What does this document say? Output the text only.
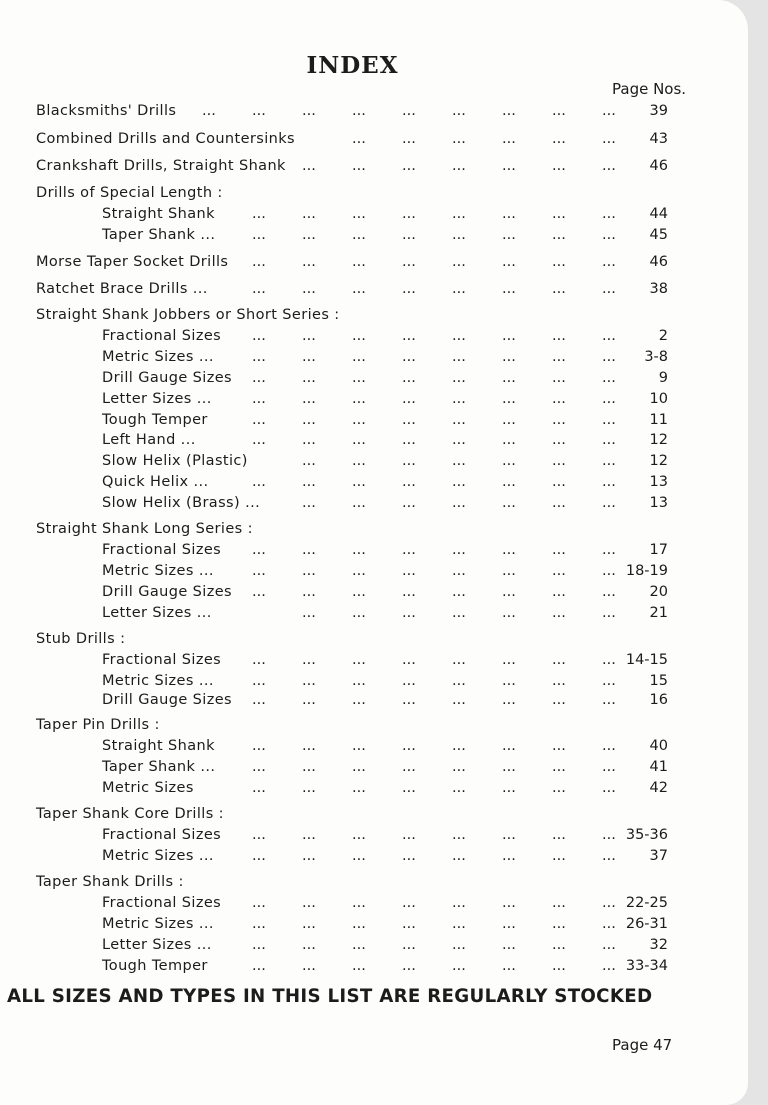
INDEX
Page Nos.
Blacksmiths' Drills ... ... ... ... ... ... ... ... ... 39
Combined Drills and Countersinks	... ... ... ... ... ... 43
Crankshaft Drills, Straight Shank ... ... ... ... ... ... ... 46
Drills of Special Length :
Straight Shank	... ... ... ... ... ... ... ... 44
Taper Shank ...	... ... ... ... ... ... ... ... 45
Morse Taper Socket Drills ... ... ... ... ... ... ... ... 46
Ratchet Brace Drills ...	... ... ... ... ... ... ... ... 38
Straight Shank Jobbers or Short Series :
Fractional Sizes ... ... ... ... ... ... ... ...	2
Metric Sizes ...	... ... ... ... ... ... ... ... 3-8
Drill Gauge Sizes ... ... ... ... ... ... ... ...	9
Letter Sizes ...	... ... ... ... ... ... ... ... 10
Tough Temper	... ... ... ... ... ... ... ... 11
Left Hand ...	... ... ... ... ... ... ... ... 12
Slow Helix (Plastic)	... ... ... ... ... ... ... 12
Quick Helix ...	... ... ... ... ... ... ... ... 13
Slow Helix (Brass) ...	... ... ... ... ... ... ... 13
Straight Shank Long Series :
Fractional Sizes ... ... ... ... ... ... ... ... 17
Metric Sizes ...	... ... ... ... ... ... ... ... 18-19
Drill Gauge Sizes ... ... ... ... ... ... ... ... 20
Letter Sizes ...	... ... ... ... ... ... ... 21
Stub Drills :
Fractional Sizes ... ... ... ... ... ... ... ... 14-15
Metric Sizes ...	... ... ... ... ... ... ... ... 15
Drill Gauge Sizes ... ... ... ... ... ... ... ... 16
Taper Pin Drills :
Straight Shank	... ... ... ... ... ... ... ... 40
Taper Shank ...	... ... ... ... ... ... ... ... 41
Metric Sizes	... ... ... ... ... ... ... ... 42
Taper Shank Core Drills :
Fractional Sizes ... ... ... ... ... ... ... ... 35-36
Metric Sizes ...	... ... ... ... ... ... ... ... 37
Taper Shank Drills :
Fractional Sizes ... ... ... ... ... ... ... ... 22-25
Metric Sizes ...	... ... ... ... ... ... ... ... 26-31
Letter Sizes ...	... ... ... ... ... ... ... ... 32
Tough Temper	... ... ... ... ... ... ... ... 33-34
ALL SIZES AND TYPES IN THIS LIST ARE REGULARLY STOCKED
Page 47
